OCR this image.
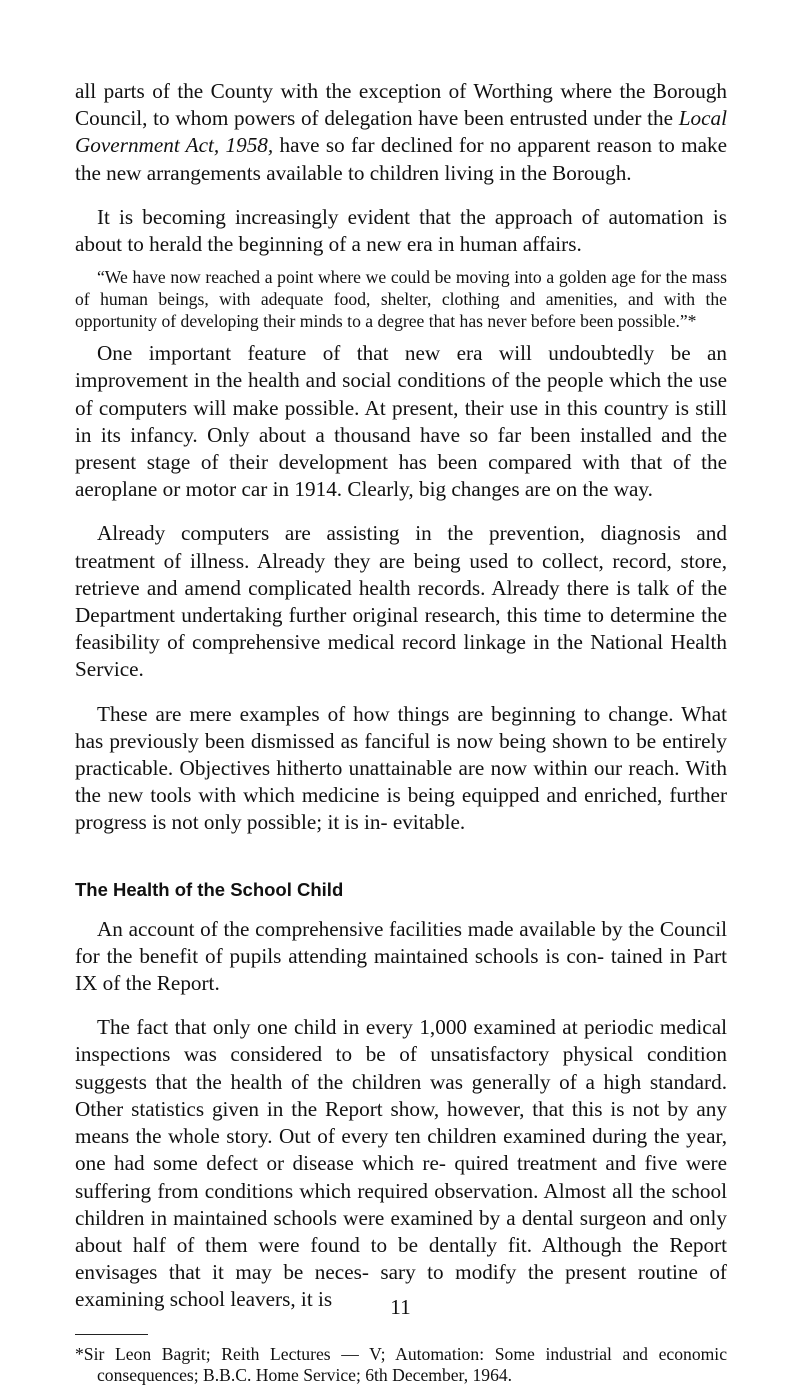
all parts of the County with the exception of Worthing where the Borough Council, to whom powers of delegation have been entrusted under the Local Government Act, 1958, have so far declined for no apparent reason to make the new arrangements available to children living in the Borough.

It is becoming increasingly evident that the approach of automation is about to herald the beginning of a new era in human affairs.

“We have now reached a point where we could be moving into a golden age for the mass of human beings, with adequate food, shelter, clothing and amenities, and with the opportunity of developing their minds to a degree that has never before been possible.”*

One important feature of that new era will undoubtedly be an improvement in the health and social conditions of the people which the use of computers will make possible. At present, their use in this country is still in its infancy. Only about a thousand have so far been installed and the present stage of their development has been compared with that of the aeroplane or motor car in 1914. Clearly, big changes are on the way.

Already computers are assisting in the prevention, diagnosis and treatment of illness. Already they are being used to collect, record, store, retrieve and amend complicated health records. Already there is talk of the Department undertaking further original research, this time to determine the feasibility of comprehensive medical record linkage in the National Health Service.

These are mere examples of how things are beginning to change. What has previously been dismissed as fanciful is now being shown to be entirely practicable. Objectives hitherto unattainable are now within our reach. With the new tools with which medicine is being equipped and enriched, further progress is not only possible; it is in- evitable.

The Health of the School Child

An account of the comprehensive facilities made available by the Council for the benefit of pupils attending maintained schools is con- tained in Part IX of the Report.

The fact that only one child in every 1,000 examined at periodic medical inspections was considered to be of unsatisfactory physical condition suggests that the health of the children was generally of a high standard. Other statistics given in the Report show, however, that this is not by any means the whole story. Out of every ten children examined during the year, one had some defect or disease which re- quired treatment and five were suffering from conditions which required observation. Almost all the school children in maintained schools were examined by a dental surgeon and only about half of them were found to be dentally fit. Although the Report envisages that it may be neces- sary to modify the present routine of examining school leavers, it is

*Sir Leon Bagrit; Reith Lectures — V; Automation: Some industrial and economic consequences; B.B.C. Home Service; 6th December, 1964.

11
